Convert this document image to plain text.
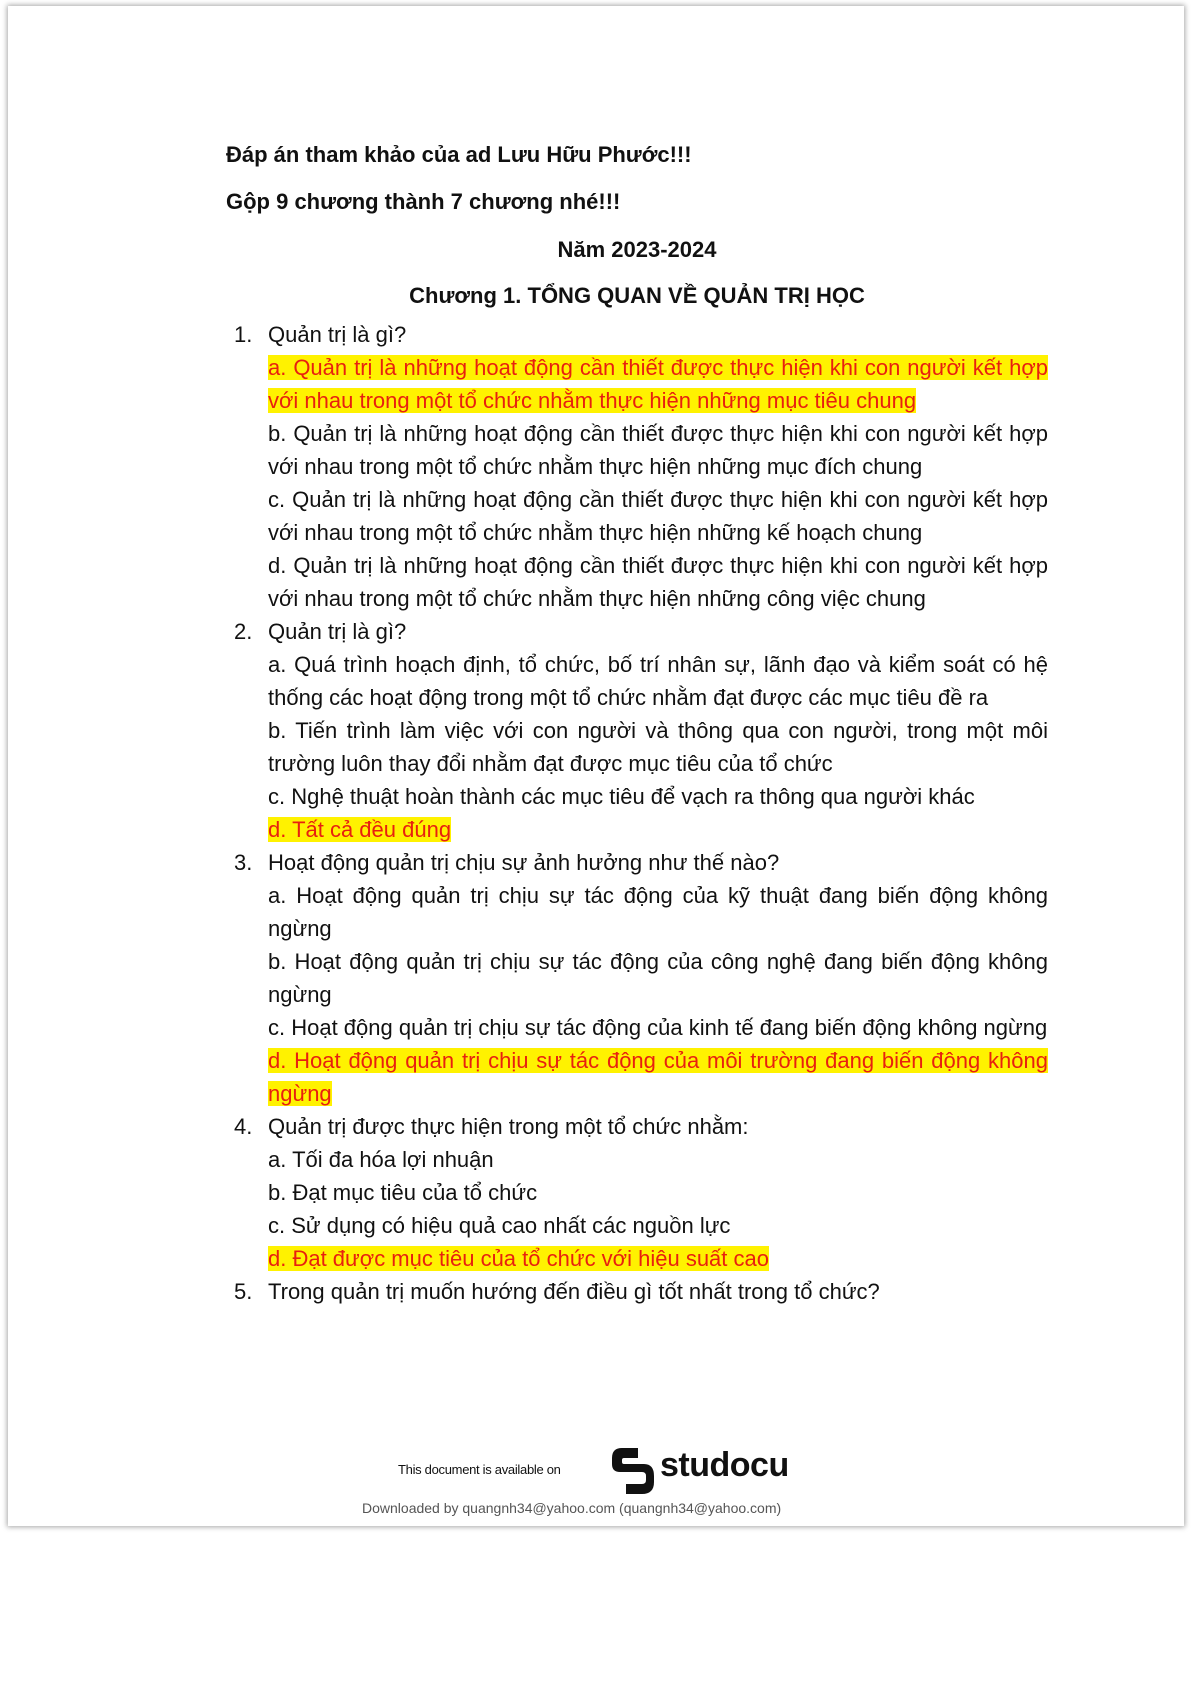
Đáp án tham khảo của ad Lưu Hữu Phước!!!
Gộp 9 chương thành 7 chương nhé!!!
Năm 2023-2024
Chương 1. TỔNG QUAN VỀ QUẢN TRỊ HỌC
1. Quản trị là gì?
a. Quản trị là những hoạt động cần thiết được thực hiện khi con người kết hợp với nhau trong một tổ chức nhằm thực hiện những mục tiêu chung
b. Quản trị là những hoạt động cần thiết được thực hiện khi con người kết hợp với nhau trong một tổ chức nhằm thực hiện những mục đích chung
c. Quản trị là những hoạt động cần thiết được thực hiện khi con người kết hợp với nhau trong một tổ chức nhằm thực hiện những kế hoạch chung
d. Quản trị là những hoạt động cần thiết được thực hiện khi con người kết hợp với nhau trong một tổ chức nhằm thực hiện những công việc chung
2. Quản trị là gì?
a. Quá trình hoạch định, tổ chức, bố trí nhân sự, lãnh đạo và kiểm soát có hệ thống các hoạt động trong một tổ chức nhằm đạt được các mục tiêu đề ra
b. Tiến trình làm việc với con người và thông qua con người, trong một môi trường luôn thay đổi nhằm đạt được mục tiêu của tổ chức
c. Nghệ thuật hoàn thành các mục tiêu để vạch ra thông qua người khác
d. Tất cả đều đúng
3. Hoạt động quản trị chịu sự ảnh hưởng như thế nào?
a. Hoạt động quản trị chịu sự tác động của kỹ thuật đang biến động không ngừng
b. Hoạt động quản trị chịu sự tác động của công nghệ đang biến động không ngừng
c. Hoạt động quản trị chịu sự tác động của kinh tế đang biến động không ngừng
d. Hoạt động quản trị chịu sự tác động của môi trường đang biến động không ngừng
4. Quản trị được thực hiện trong một tổ chức nhằm:
a. Tối đa hóa lợi nhuận
b. Đạt mục tiêu của tổ chức
c. Sử dụng có hiệu quả cao nhất các nguồn lực
d. Đạt được mục tiêu của tổ chức với hiệu suất cao
5. Trong quản trị muốn hướng đến điều gì tốt nhất trong tổ chức?
This document is available on	studocu
Downloaded by quangnh34@yahoo.com (quangnh34@yahoo.com)
